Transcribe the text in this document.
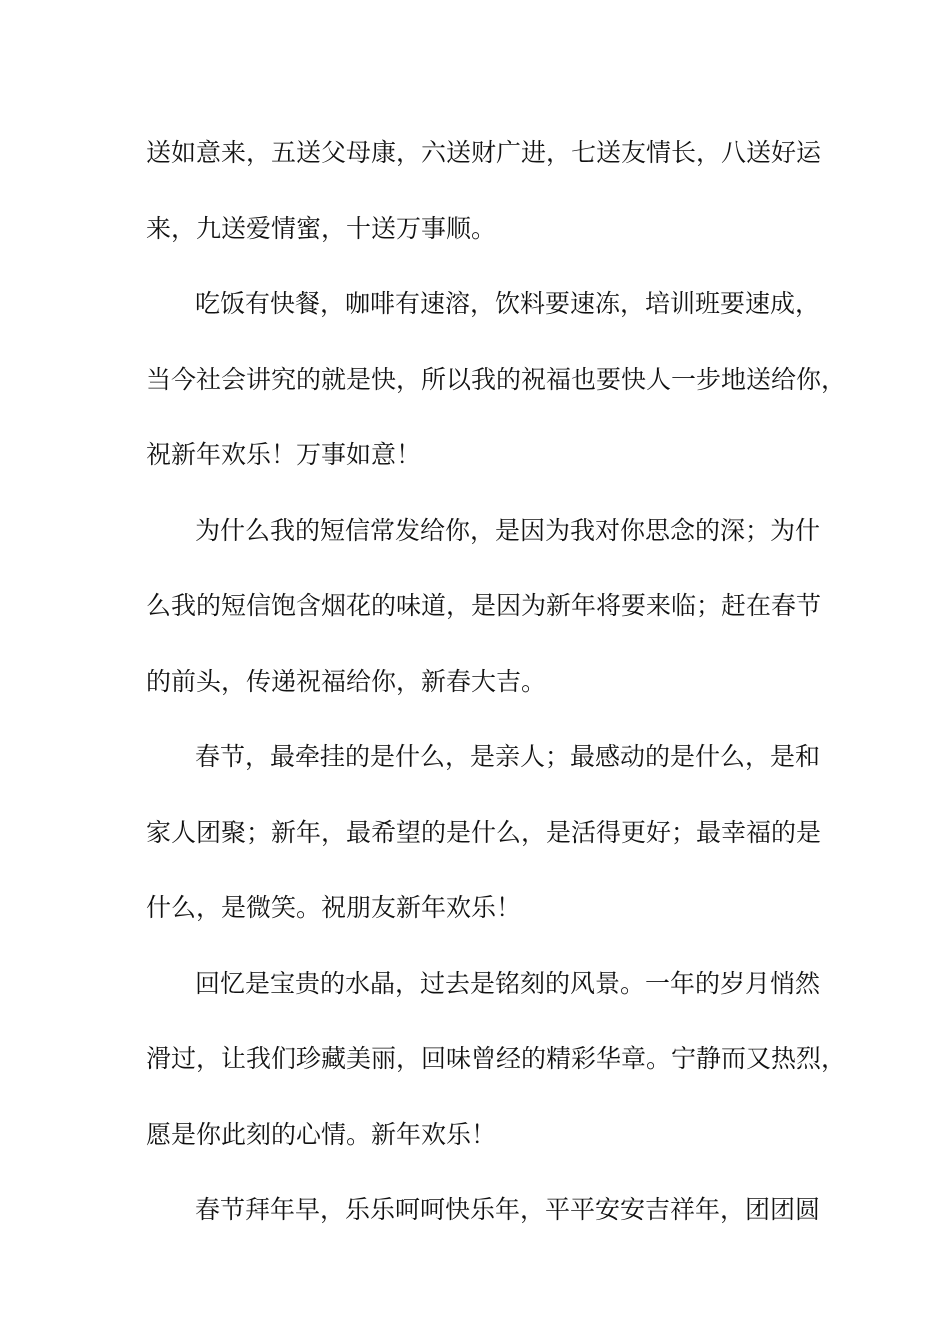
送如意来，五送父母康，六送财广进，七送友情长，八送好运
来，九送爱情蜜，十送万事顺。
吃饭有快餐，咖啡有速溶，饮料要速冻，培训班要速成，
当今社会讲究的就是快，所以我的祝福也要快人一步地送给你，
祝新年欢乐！万事如意！
为什么我的短信常发给你，是因为我对你思念的深；为什
么我的短信饱含烟花的味道，是因为新年将要来临；赶在春节
的前头，传递祝福给你，新春大吉。
春节，最牵挂的是什么，是亲人；最感动的是什么，是和
家人团聚；新年，最希望的是什么，是活得更好；最幸福的是
什么，是微笑。祝朋友新年欢乐！
回忆是宝贵的水晶，过去是铭刻的风景。一年的岁月悄然
滑过，让我们珍藏美丽，回味曾经的精彩华章。宁静而又热烈，
愿是你此刻的心情。新年欢乐！
春节拜年早，乐乐呵呵快乐年，平平安安吉祥年，团团圆
